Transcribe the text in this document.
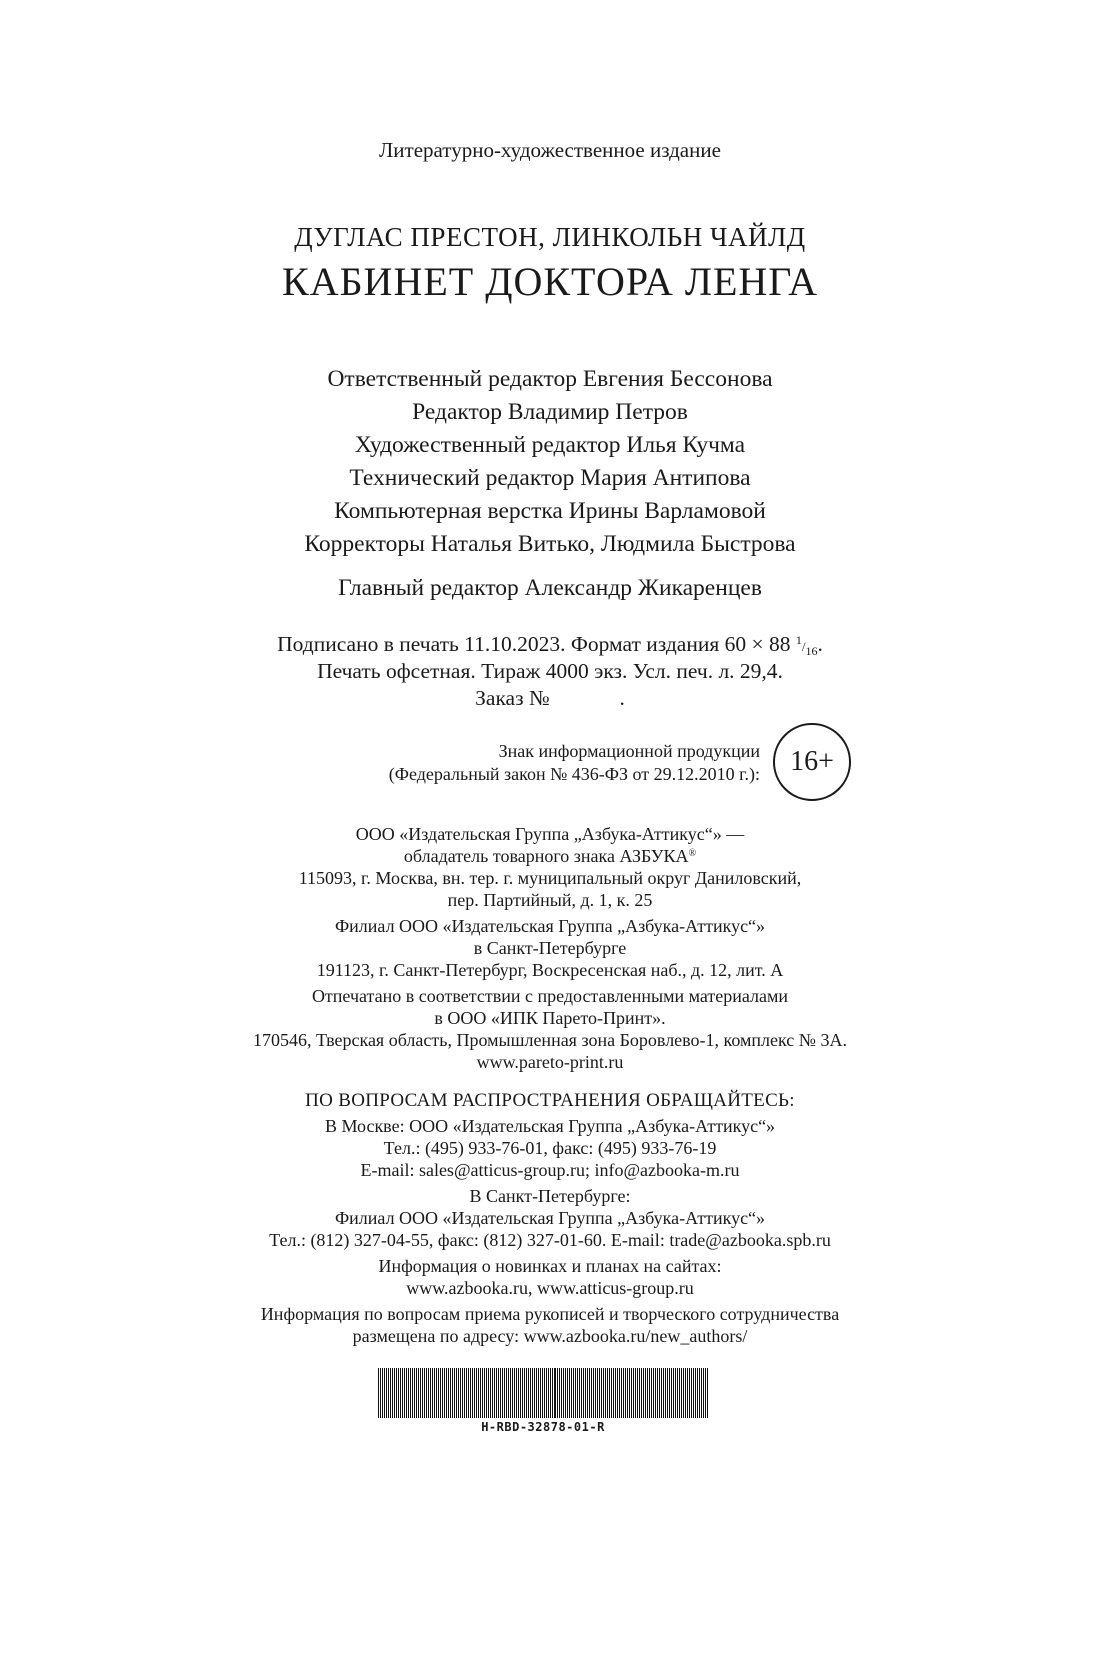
Литературно-художественное издание
ДУГЛАС ПРЕСТОН, ЛИНКОЛЬН ЧАЙЛД
КАБИНЕТ ДОКТОРА ЛЕНГА
Ответственный редактор Евгения Бессонова
Редактор Владимир Петров
Художественный редактор Илья Кучма
Технический редактор Мария Антипова
Компьютерная верстка Ирины Варламовой
Корректоры Наталья Витько, Людмила Быстрова
Главный редактор Александр Жикаренцев
Подписано в печать 11.10.2023. Формат издания 60 × 88 $^1/_{16}$.
Печать офсетная. Тираж 4000 экз. Усл. печ. л. 29,4.
Заказ №	.
Знак информационной продукции
(Федеральный закон № 436-ФЗ от 29.12.2010 г.):	16+
ООО «Издательская Группа „Азбука-Аттикус“» —
обладатель товарного знака АЗБУКА®
115093, г. Москва, вн. тер. г. муниципальный округ Даниловский,
пер. Партийный, д. 1, к. 25
Филиал ООО «Издательская Группа „Азбука-Аттикус“»
в Санкт-Петербурге
191123, г. Санкт-Петербург, Воскресенская наб., д. 12, лит. А
Отпечатано в соответствии с предоставленными материалами
в ООО «ИПК Парето-Принт».
170546, Тверская область, Промышленная зона Боровлево-1, комплекс № 3А.
www.pareto-print.ru
ПО ВОПРОСАМ РАСПРОСТРАНЕНИЯ ОБРАЩАЙТЕСЬ:
В Москве: ООО «Издательская Группа „Азбука-Аттикус“»
Тел.: (495) 933-76-01, факс: (495) 933-76-19
E-mail: sales@atticus-group.ru; info@azbooka-m.ru
В Санкт-Петербурге:
Филиал ООО «Издательская Группа „Азбука-Аттикус“»
Тел.: (812) 327-04-55, факс: (812) 327-01-60. E-mail: trade@azbooka.spb.ru
Информация о новинках и планах на сайтах:
www.azbooka.ru, www.atticus-group.ru
Информация по вопросам приема рукописей и творческого сотрудничества
размещена по адресу: www.azbooka.ru/new_authors/
H-RBD-32878-01-R
